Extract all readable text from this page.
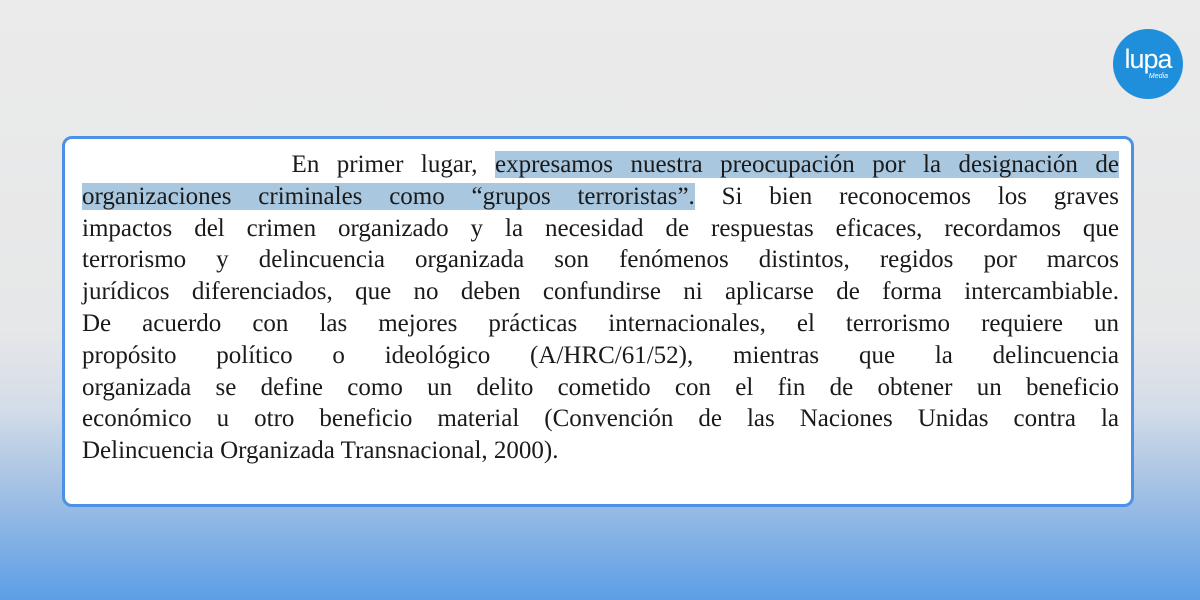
lupa
Media

En primer lugar, expresamos nuestra preocupación por la designación de
organizaciones criminales como “grupos terroristas”. Si bien reconocemos los graves
impactos del crimen organizado y la necesidad de respuestas eficaces, recordamos que
terrorismo y delincuencia organizada son fenómenos distintos, regidos por marcos
jurídicos diferenciados, que no deben confundirse ni aplicarse de forma intercambiable.
De acuerdo con las mejores prácticas internacionales, el terrorismo requiere un
propósito político o ideológico (A/HRC/61/52), mientras que la delincuencia
organizada se define como un delito cometido con el fin de obtener un beneficio
económico u otro beneficio material (Convención de las Naciones Unidas contra la
Delincuencia Organizada Transnacional, 2000).
